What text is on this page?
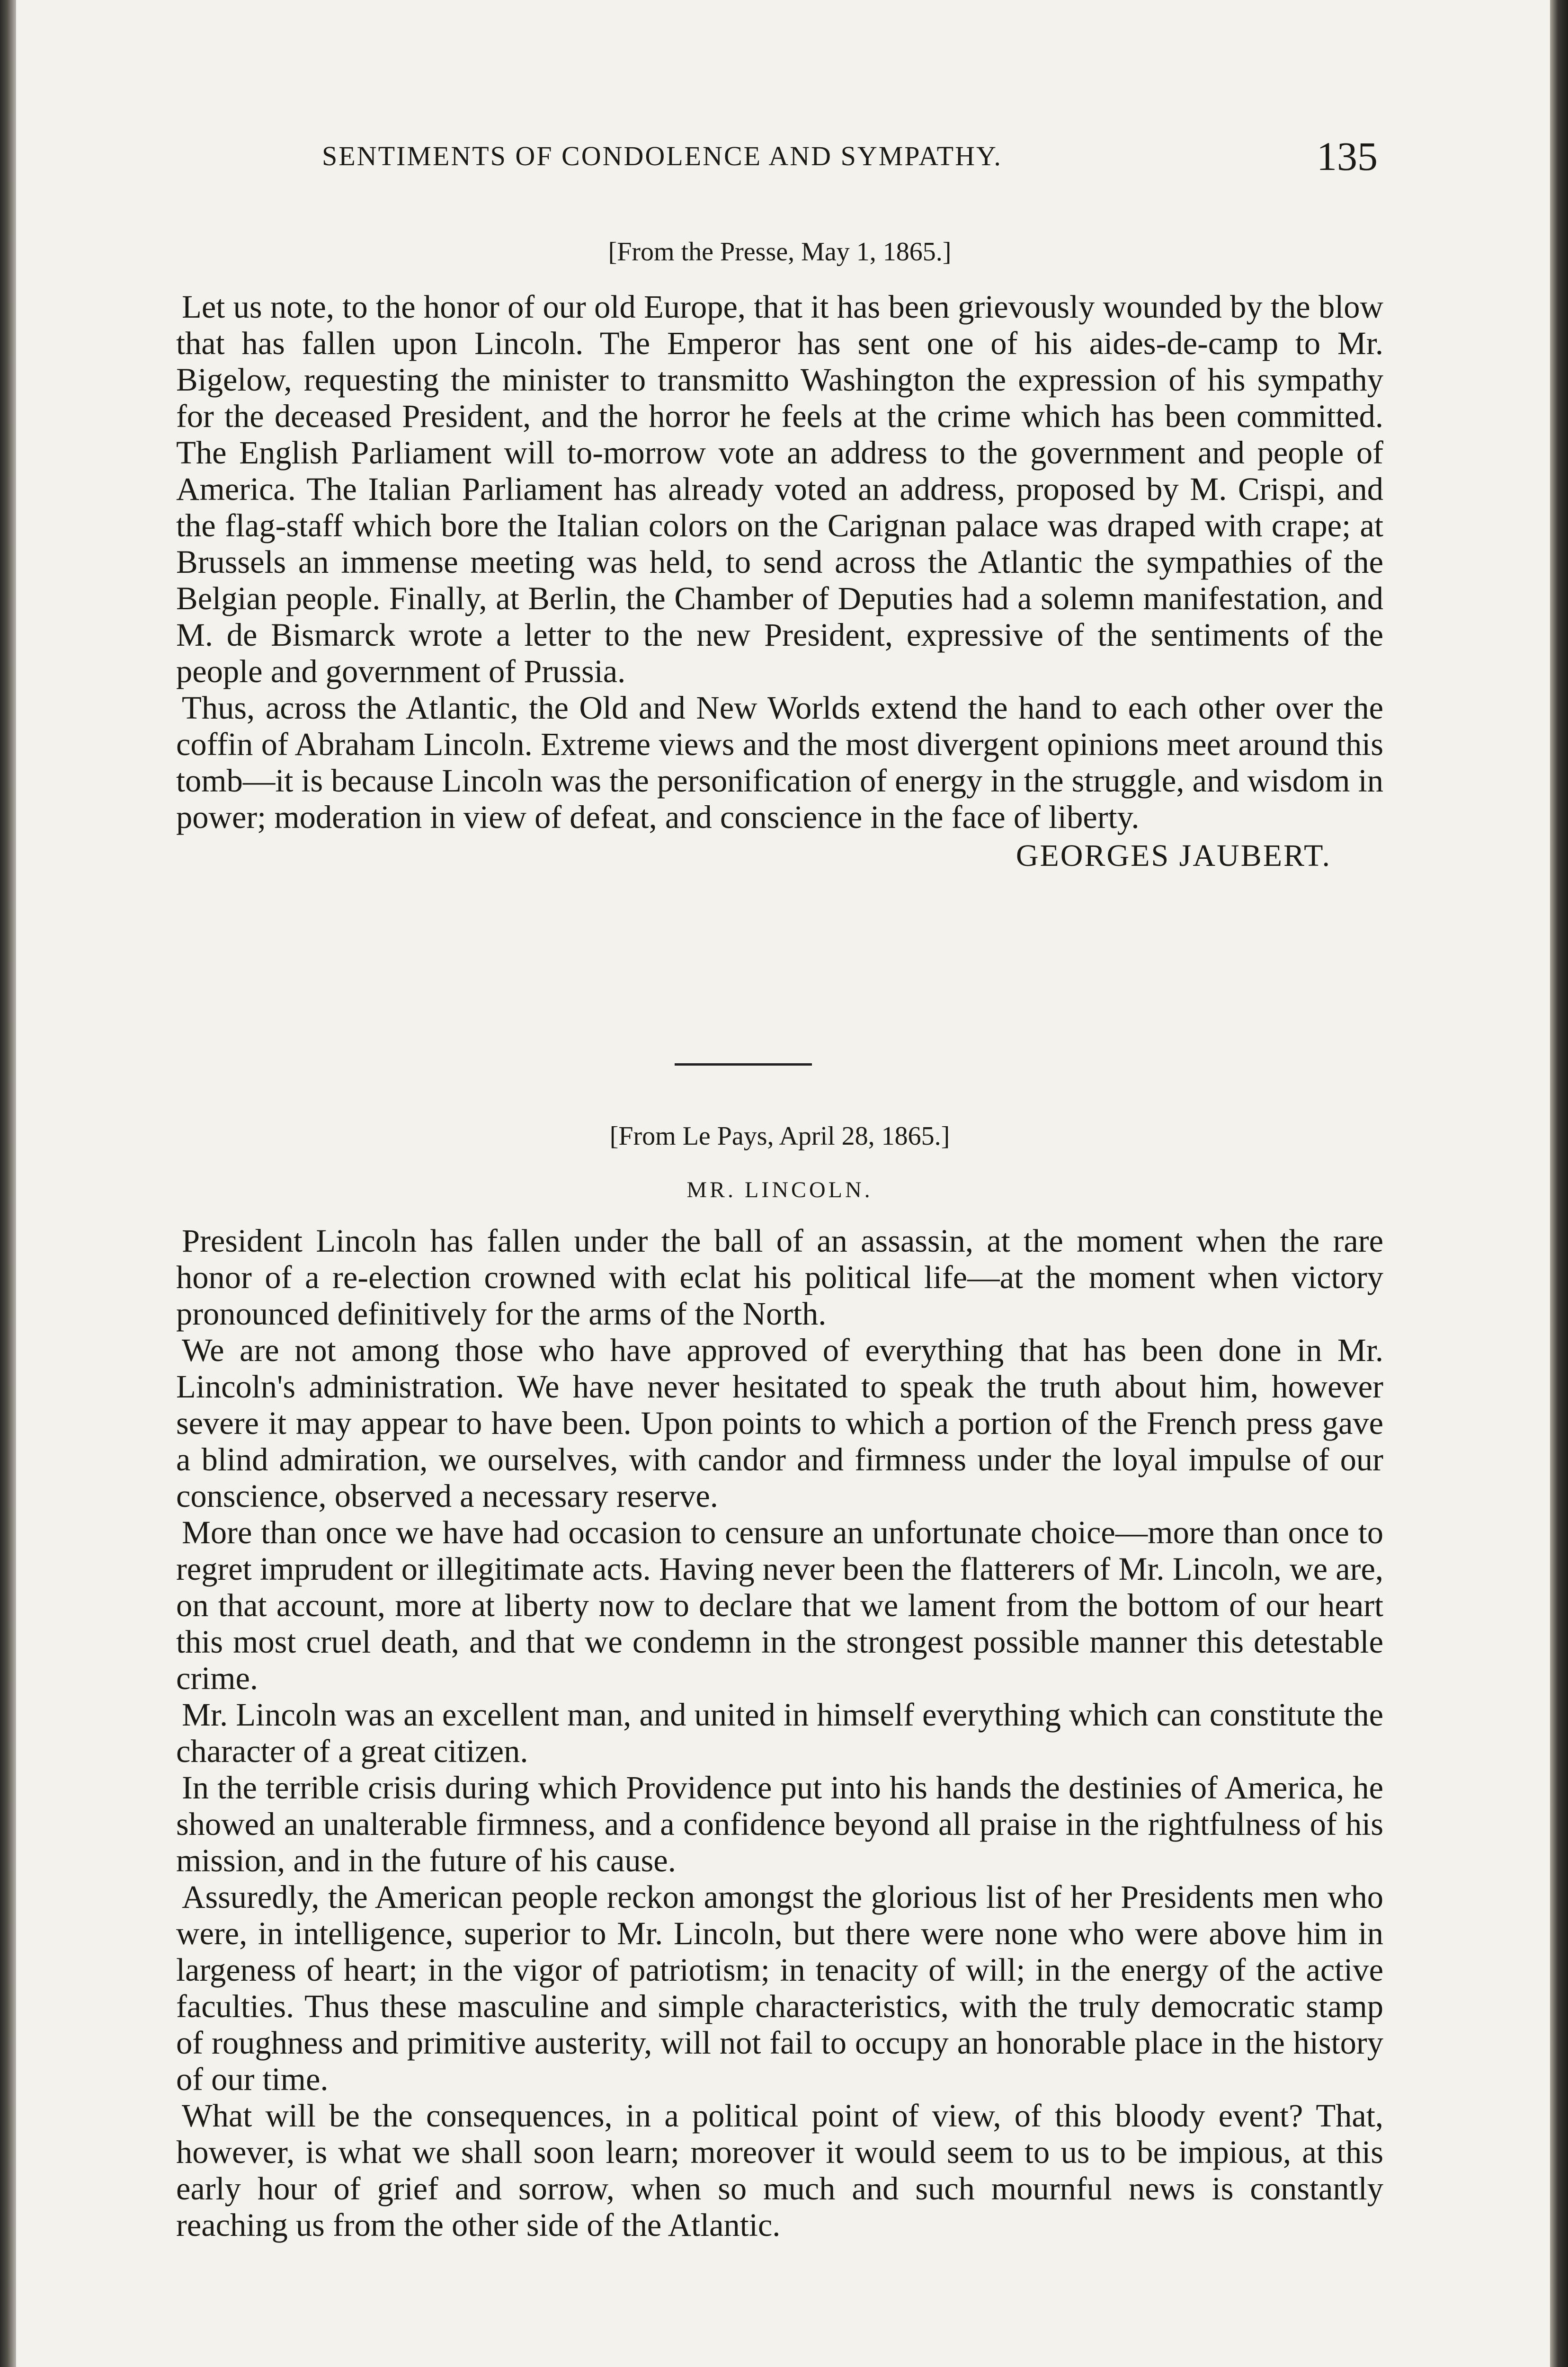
SENTIMENTS OF CONDOLENCE AND SYMPATHY.	135

[From the Presse, May 1, 1865.]

Let us note, to the honor of our old Europe, that it has been grievously wounded by the blow that has fallen upon Lincoln. The Emperor has sent one of his aides-de-camp to Mr. Bigelow, requesting the minister to transmitto Washington the expression of his sympathy for the deceased President, and the horror he feels at the crime which has been committed. The English Parliament will to-morrow vote an address to the government and people of America. The Italian Parliament has already voted an address, proposed by M. Crispi, and the flag-staff which bore the Italian colors on the Carignan palace was draped with crape; at Brussels an immense meeting was held, to send across the Atlantic the sympathies of the Belgian people. Finally, at Berlin, the Chamber of Deputies had a solemn manifestation, and M. de Bismarck wrote a letter to the new President, expressive of the sentiments of the people and government of Prussia.

Thus, across the Atlantic, the Old and New Worlds extend the hand to each other over the coffin of Abraham Lincoln. Extreme views and the most divergent opinions meet around this tomb—it is because Lincoln was the personification of energy in the struggle, and wisdom in power; moderation in view of defeat, and conscience in the face of liberty.

GEORGES JAUBERT.

[From Le Pays, April 28, 1865.]

MR. LINCOLN.

President Lincoln has fallen under the ball of an assassin, at the moment when the rare honor of a re-election crowned with eclat his political life—at the moment when victory pronounced definitively for the arms of the North.

We are not among those who have approved of everything that has been done in Mr. Lincoln's administration. We have never hesitated to speak the truth about him, however severe it may appear to have been. Upon points to which a portion of the French press gave a blind admiration, we ourselves, with candor and firmness under the loyal impulse of our conscience, observed a necessary reserve.

More than once we have had occasion to censure an unfortunate choice—more than once to regret imprudent or illegitimate acts. Having never been the flatterers of Mr. Lincoln, we are, on that account, more at liberty now to declare that we lament from the bottom of our heart this most cruel death, and that we condemn in the strongest possible manner this detestable crime.

Mr. Lincoln was an excellent man, and united in himself everything which can constitute the character of a great citizen.

In the terrible crisis during which Providence put into his hands the destinies of America, he showed an unalterable firmness, and a confidence beyond all praise in the rightfulness of his mission, and in the future of his cause.

Assuredly, the American people reckon amongst the glorious list of her Presidents men who were, in intelligence, superior to Mr. Lincoln, but there were none who were above him in largeness of heart; in the vigor of patriotism; in tenacity of will; in the energy of the active faculties. Thus these masculine and simple characteristics, with the truly democratic stamp of roughness and primitive austerity, will not fail to occupy an honorable place in the history of our time.

What will be the consequences, in a political point of view, of this bloody event? That, however, is what we shall soon learn; moreover it would seem to us to be impious, at this early hour of grief and sorrow, when so much and such mournful news is constantly reaching us from the other side of the Atlantic.
